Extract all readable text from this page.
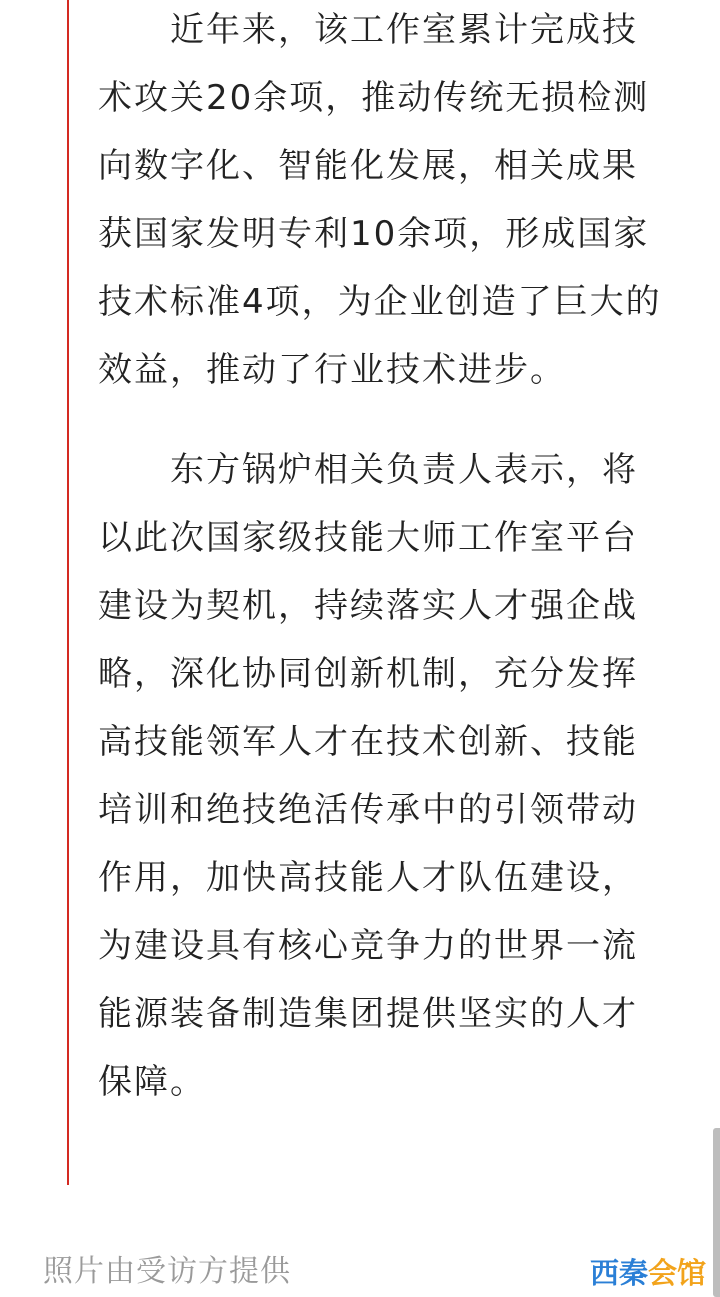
　　近年来，该工作室累计完成技
术攻关20余项，推动传统无损检测
向数字化、智能化发展，相关成果
获国家发明专利10余项，形成国家
技术标准4项，为企业创造了巨大的
效益，推动了行业技术进步。
　　东方锅炉相关负责人表示，将
以此次国家级技能大师工作室平台
建设为契机，持续落实人才强企战
略，深化协同创新机制，充分发挥
高技能领军人才在技术创新、技能
培训和绝技绝活传承中的引领带动
作用，加快高技能人才队伍建设，
为建设具有核心竞争力的世界一流
能源装备制造集团提供坚实的人才
保障。
照片由受访方提供	西秦会馆
